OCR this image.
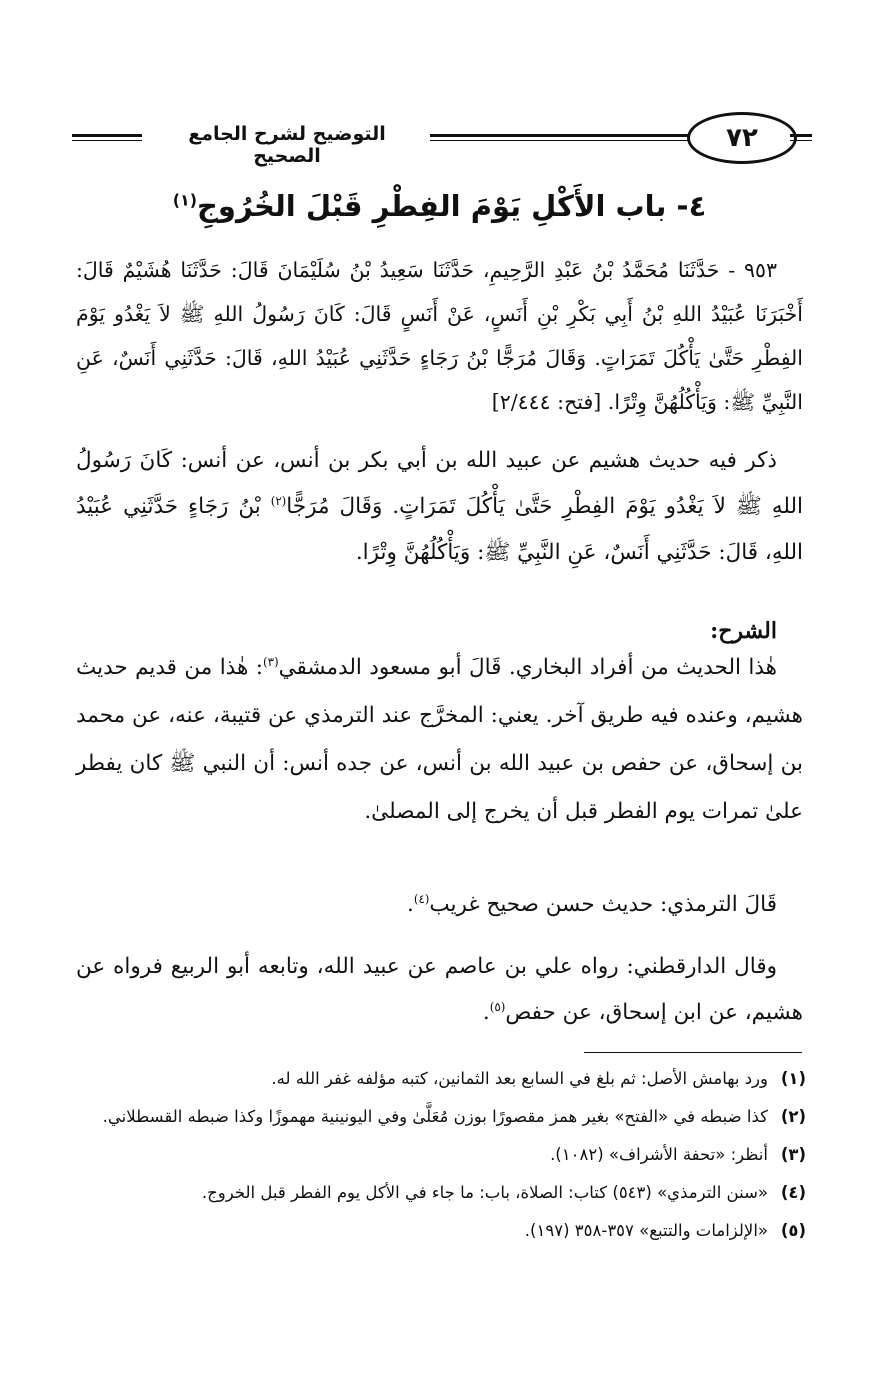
التوضيح لشرح الجامع الصحيح
٧٢
٤- باب الأَكْلِ يَوْمَ الفِطْرِ قَبْلَ الخُرُوجِ$^{(١)}$
٩٥٣ - حَدَّثَنَا مُحَمَّدُ بْنُ عَبْدِ الرَّحِيمِ، حَدَّثَنَا سَعِيدُ بْنُ سُلَيْمَانَ قَالَ: حَدَّثَنَا هُشَيْمٌ قَالَ: أَخْبَرَنَا عُبَيْدُ اللهِ بْنُ أَبِي بَكْرِ بْنِ أَنَسٍ، عَنْ أَنَسٍ قَالَ: كَانَ رَسُولُ اللهِ ﷺ لاَ يَغْدُو يَوْمَ الفِطْرِ حَتَّىٰ يَأْكُلَ تَمَرَاتٍ. وَقَالَ مُرَجًّا بْنُ رَجَاءٍ حَدَّثَنِي عُبَيْدُ اللهِ، قَالَ: حَدَّثَنِي أَنَسٌ، عَنِ النَّبِيِّ ﷺ: وَيَأْكُلُهُنَّ وِتْرًا. [فتح: ٢/٤٤٤]
ذكر فيه حديث هشيم عن عبيد الله بن أبي بكر بن أنس، عن أنس: كَانَ رَسُولُ اللهِ ﷺ لاَ يَغْدُو يَوْمَ الفِطْرِ حَتَّىٰ يَأْكُلَ تَمَرَاتٍ. وَقَالَ مُرَجًّا$^{(٢)}$ بْنُ رَجَاءٍ حَدَّثَنِي عُبَيْدُ اللهِ، قَالَ: حَدَّثَنِي أَنَسٌ، عَنِ النَّبِيِّ ﷺ: وَيَأْكُلُهُنَّ وِتْرًا.
الشرح:
هٰذا الحديث من أفراد البخاري. قَالَ أبو مسعود الدمشقي$^{(٣)}$: هٰذا من قديم حديث هشيم، وعنده فيه طريق آخر. يعني: المخرَّج عند الترمذي عن قتيبة، عنه، عن محمد بن إسحاق، عن حفص بن عبيد الله بن أنس، عن جده أنس: أن النبي ﷺ كان يفطر علىٰ تمرات يوم الفطر قبل أن يخرج إلى المصلىٰ.
قَالَ الترمذي: حديث حسن صحيح غريب$^{(٤)}$.
وقال الدارقطني: رواه علي بن عاصم عن عبيد الله، وتابعه أبو الربيع فرواه عن هشيم، عن ابن إسحاق، عن حفص$^{(٥)}$.
(١)
ورد بهامش الأصل: ثم بلغ في السابع بعد الثمانين، كتبه مؤلفه غفر الله له.
(٢)
كذا ضبطه في «الفتح» بغير همز مقصورًا بوزن مُعَلَّىٰ وفي اليونينية مهموزًا وكذا ضبطه القسطلاني.
(٣)
أنظر: «تحفة الأشراف» (١٠٨٢).
(٤)
«سنن الترمذي» (٥٤٣) كتاب: الصلاة، باب: ما جاء في الأكل يوم الفطر قبل الخروج.
(٥)
«الإلزامات والتتبع» ٣٥٧-٣٥٨ (١٩٧).
